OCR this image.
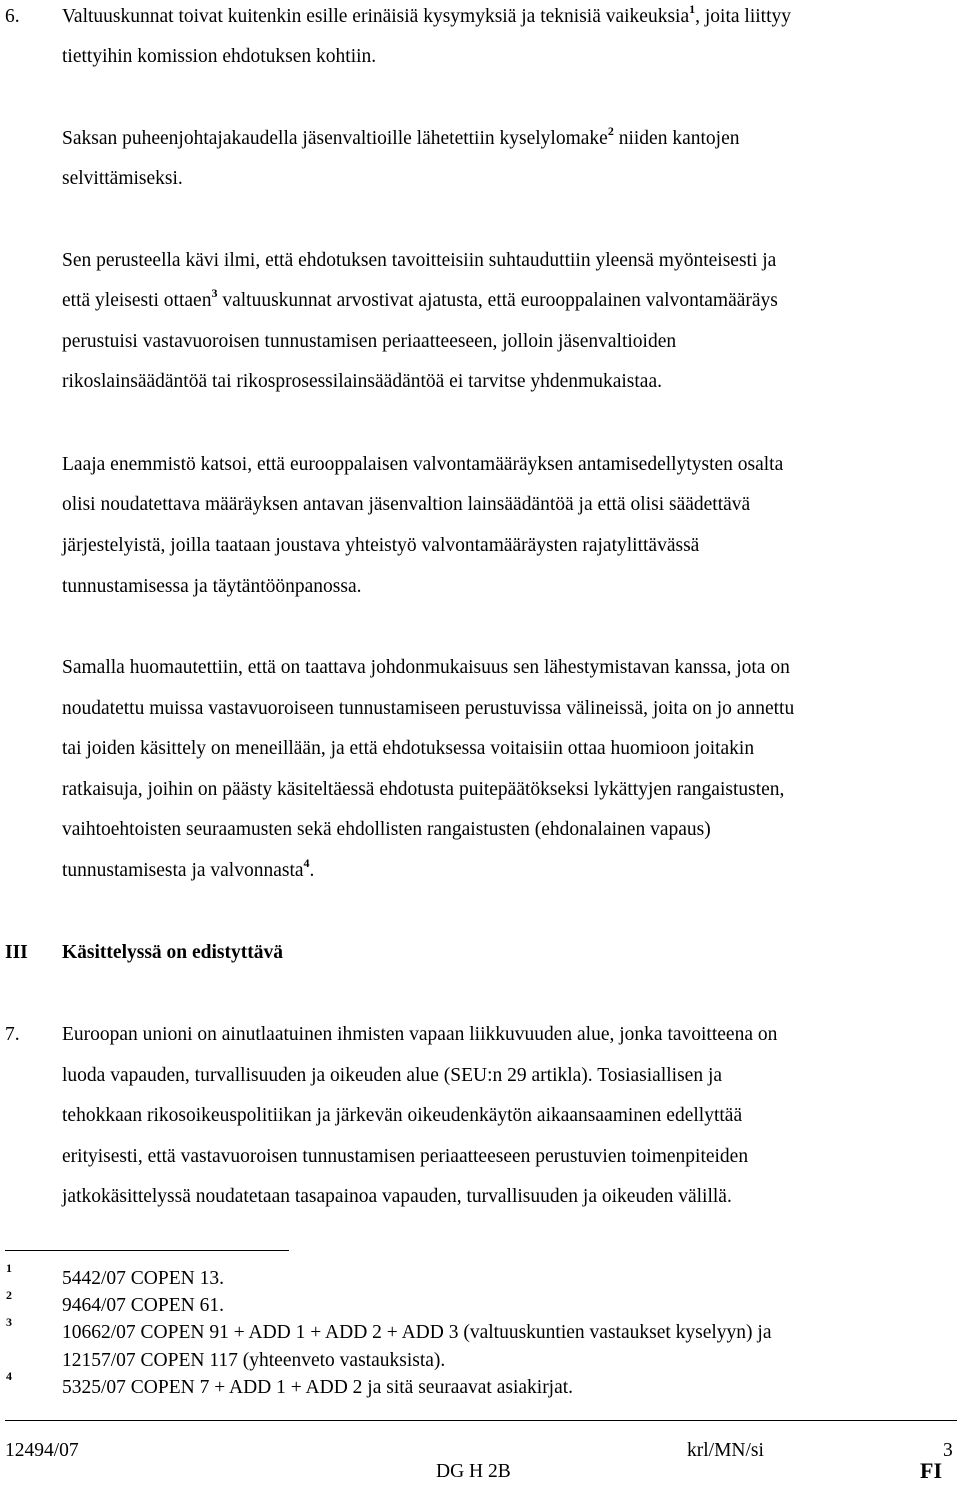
6. Valtuuskunnat toivat kuitenkin esille erinäisiä kysymyksiä ja teknisiä vaikeuksia$^1$, joita liittyy
tiettyihin komission ehdotuksen kohtiin.
Saksan puheenjohtajakaudella jäsenvaltioille lähetettiin kyselylomake$^2$ niiden kantojen
selvittämiseksi.
Sen perusteella kävi ilmi, että ehdotuksen tavoitteisiin suhtauduttiin yleensä myönteisesti ja
että yleisesti ottaen$^3$ valtuuskunnat arvostivat ajatusta, että eurooppalainen valvontamääräys
perustuisi vastavuoroisen tunnustamisen periaatteeseen, jolloin jäsenvaltioiden
rikoslainsäädäntöä tai rikosprosessilainsäädäntöä ei tarvitse yhdenmukaistaa.
Laaja enemmistö katsoi, että eurooppalaisen valvontamääräyksen antamisedellytysten osalta
olisi noudatettava määräyksen antavan jäsenvaltion lainsäädäntöä ja että olisi säädettävä
järjestelyistä, joilla taataan joustava yhteistyö valvontamääräysten rajatylittävässä
tunnustamisessa ja täytäntöönpanossa.
Samalla huomautettiin, että on taattava johdonmukaisuus sen lähestymistavan kanssa, jota on
noudatettu muissa vastavuoroiseen tunnustamiseen perustuvissa välineissä, joita on jo annettu
tai joiden käsittely on meneillään, ja että ehdotuksessa voitaisiin ottaa huomioon joitakin
ratkaisuja, joihin on päästy käsiteltäessä ehdotusta puitepäätökseksi lykättyjen rangaistusten,
vaihtoehtoisten seuraamusten sekä ehdollisten rangaistusten (ehdonalainen vapaus)
tunnustamisesta ja valvonnasta$^4$.
III Käsittelyssä on edistyttävä
7. Euroopan unioni on ainutlaatuinen ihmisten vapaan liikkuvuuden alue, jonka tavoitteena on
luoda vapauden, turvallisuuden ja oikeuden alue (SEU:n 29 artikla). Tosiasiallisen ja
tehokkaan rikosoikeuspolitiikan ja järkevän oikeudenkäytön aikaansaaminen edellyttää
erityisesti, että vastavuoroisen tunnustamisen periaatteeseen perustuvien toimenpiteiden
jatkokäsittelyssä noudatetaan tasapainoa vapauden, turvallisuuden ja oikeuden välillä.
1	5442/07 COPEN 13.
2	9464/07 COPEN 61.
3	10662/07 COPEN 91 + ADD 1 + ADD 2 + ADD 3 (valtuuskuntien vastaukset kyselyyn) ja
12157/07 COPEN 117 (yhteenveto vastauksista).
4
5325/07 COPEN 7 + ADD 1 + ADD 2 ja sitä seuraavat asiakirjat.
12494/07	krl/MN/si	3
DG H 2B	FI
